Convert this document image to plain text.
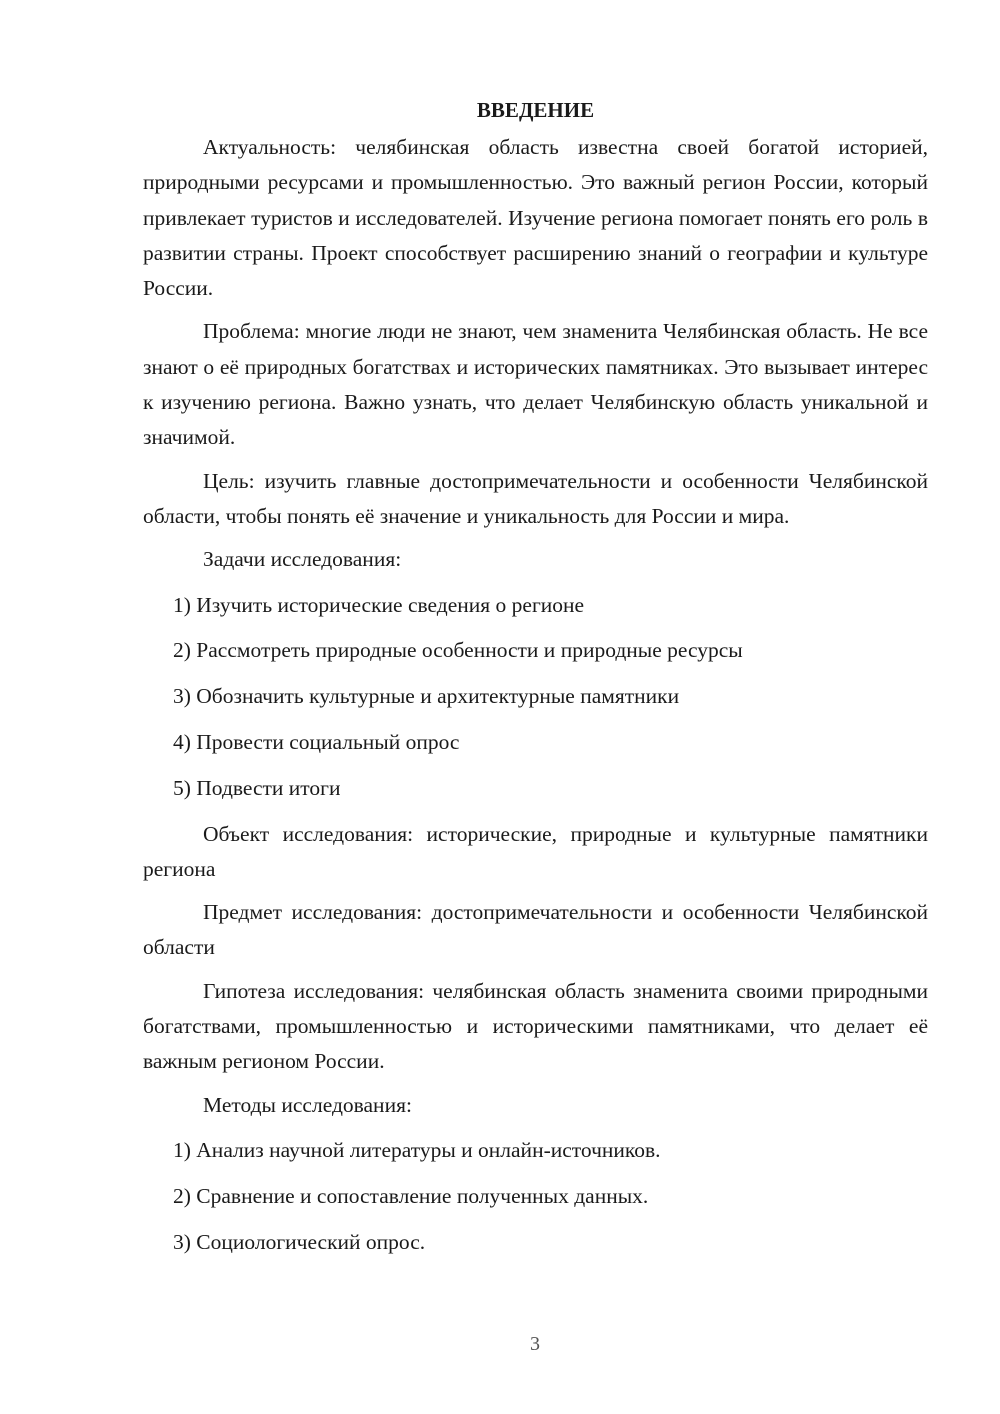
ВВЕДЕНИЕ

Актуальность: челябинская область известна своей богатой историей, природными ресурсами и промышленностью. Это важный регион России, который привлекает туристов и исследователей. Изучение региона помогает понять его роль в развитии страны. Проект способствует расширению знаний о географии и культуре России.

Проблема: многие люди не знают, чем знаменита Челябинская область. Не все знают о её природных богатствах и исторических памятниках. Это вызывает интерес к изучению региона. Важно узнать, что делает Челябинскую область уникальной и значимой.

Цель: изучить главные достопримечательности и особенности Челябинской области, чтобы понять её значение и уникальность для России и мира.

Задачи исследования:

1) Изучить исторические сведения о регионе
2) Рассмотреть природные особенности и природные ресурсы
3) Обозначить культурные и архитектурные памятники
4) Провести социальный опрос
5) Подвести итоги

Объект исследования: исторические, природные и культурные памятники региона

Предмет исследования: достопримечательности и особенности Челябинской области

Гипотеза исследования: челябинская область знаменита своими природными богатствами, промышленностью и историческими памятниками, что делает её важным регионом России.

Методы исследования:

1) Анализ научной литературы и онлайн-источников.
2) Сравнение и сопоставление полученных данных.
3) Социологический опрос.
3
